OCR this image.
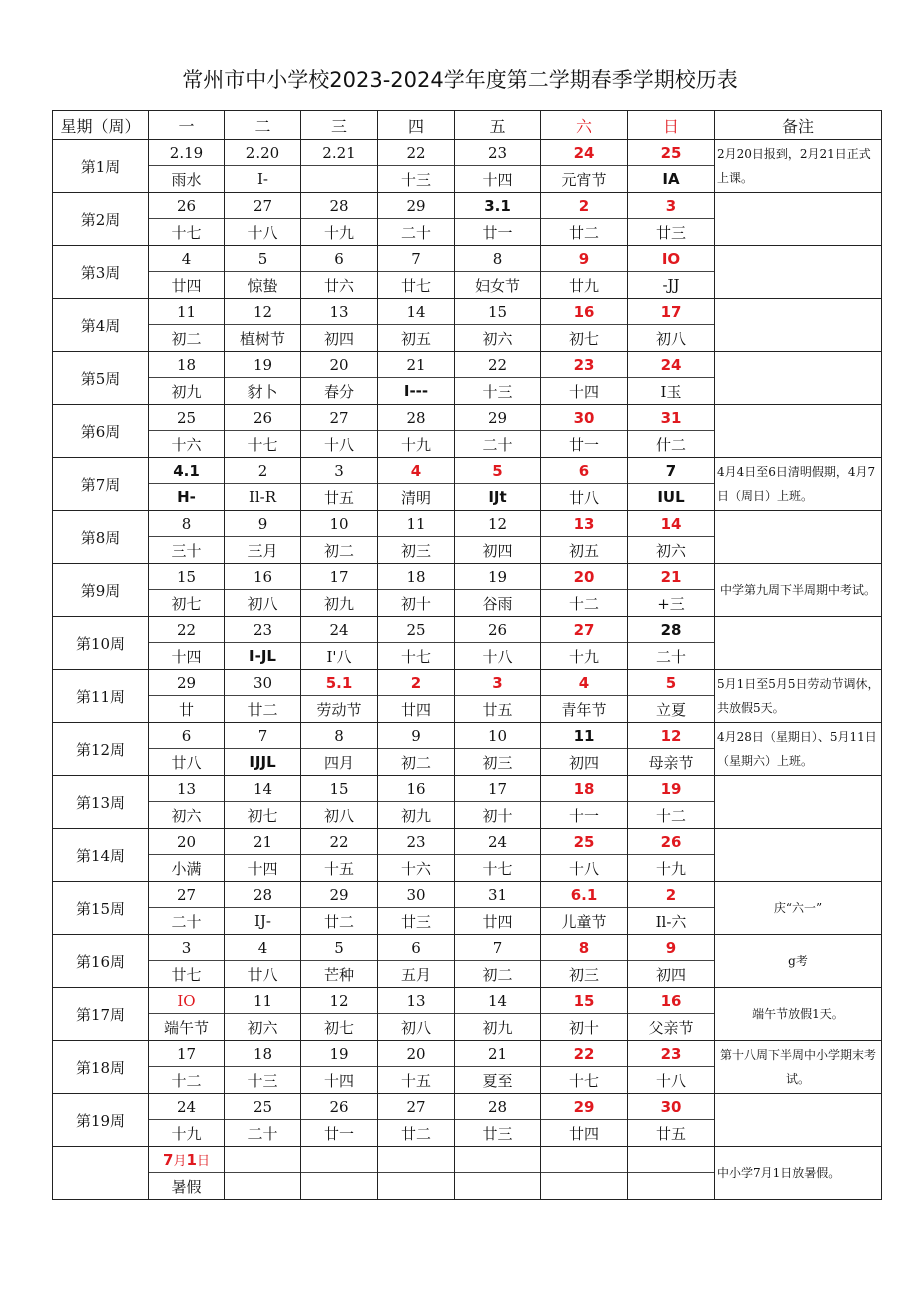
常州市中小学校2023-2024学年度第二学期春季学期校历表
星期（周）	一	二	三	四	五	六	日	备注
第1周	2.19	2.20	2.21	22	23	24	25	2月20日报到，2月21日正式上课。
	雨水	I-		十三	十四	元宵节	IA	
第2周	26	27	28	29	3.1	2	3	
	十七	十八	十九	二十	廿一	廿二	廿三	
第3周	4	5	6	7	8	9	IO	
	廿四	惊蛰	廿六	廿七	妇女节	廿九	-JJ	
第4周	11	12	13	14	15	16	17	
	初二	植树节	初四	初五	初六	初七	初八	
第5周	18	19	20	21	22	23	24	
	初九	豺卜	春分	I---	十三	十四	I玉	
第6周	25	26	27	28	29	30	31	
	十六	十七	十八	十九	二十	廿一	什二	
第7周	4.1	2	3	4	5	6	7	4月4日至6日清明假期，4月7日（周日）上班。
	H-	Il-R	廿五	清明	IJt	廿八	IUL	
第8周	8	9	10	11	12	13	14	
	三十	三月	初二	初三	初四	初五	初六	
第9周	15	16	17	18	19	20	21	中学第九周下半周期中考试。
	初七	初八	初九	初十	谷雨	十二	+三	
第10周	22	23	24	25	26	27	28	
	十四	I-JL	I'八	十七	十八	十九	二十	
第11周	29	30	5.1	2	3	4	5	5月1日至5月5日劳动节调休，共放假5天。
	廿	廿二	劳动节	廿四	廿五	青年节	立夏	
第12周	6	7	8	9	10	11	12	4月28日（星期日）、5月11日（星期六）上班。
	廿八	IJJL	四月	初二	初三	初四	母亲节	
第13周	13	14	15	16	17	18	19	
	初六	初七	初八	初九	初十	十一	十二	
第14周	20	21	22	23	24	25	26	
	小满	十四	十五	十六	十七	十八	十九	
第15周	27	28	29	30	31	6.1	2	庆“六一”
	二十	IJ-	廿二	廿三	廿四	儿童节	Il-六	
第16周	3	4	5	6	7	8	9	g考
	廿七	廿八	芒种	五月	初二	初三	初四	
第17周	IO	11	12	13	14	15	16	端午节放假1天。
	端午节	初六	初七	初八	初九	初十	父亲节	
第18周	17	18	19	20	21	22	23	第十八周下半周中小学期末考试。
	十二	十三	十四	十五	夏至	十七	十八	
第19周	24	25	26	27	28	29	30	
	十九	二十	廿一	廿二	廿三	廿四	廿五	
	7月1日							中小学7月1日放暑假。
	暑假							
